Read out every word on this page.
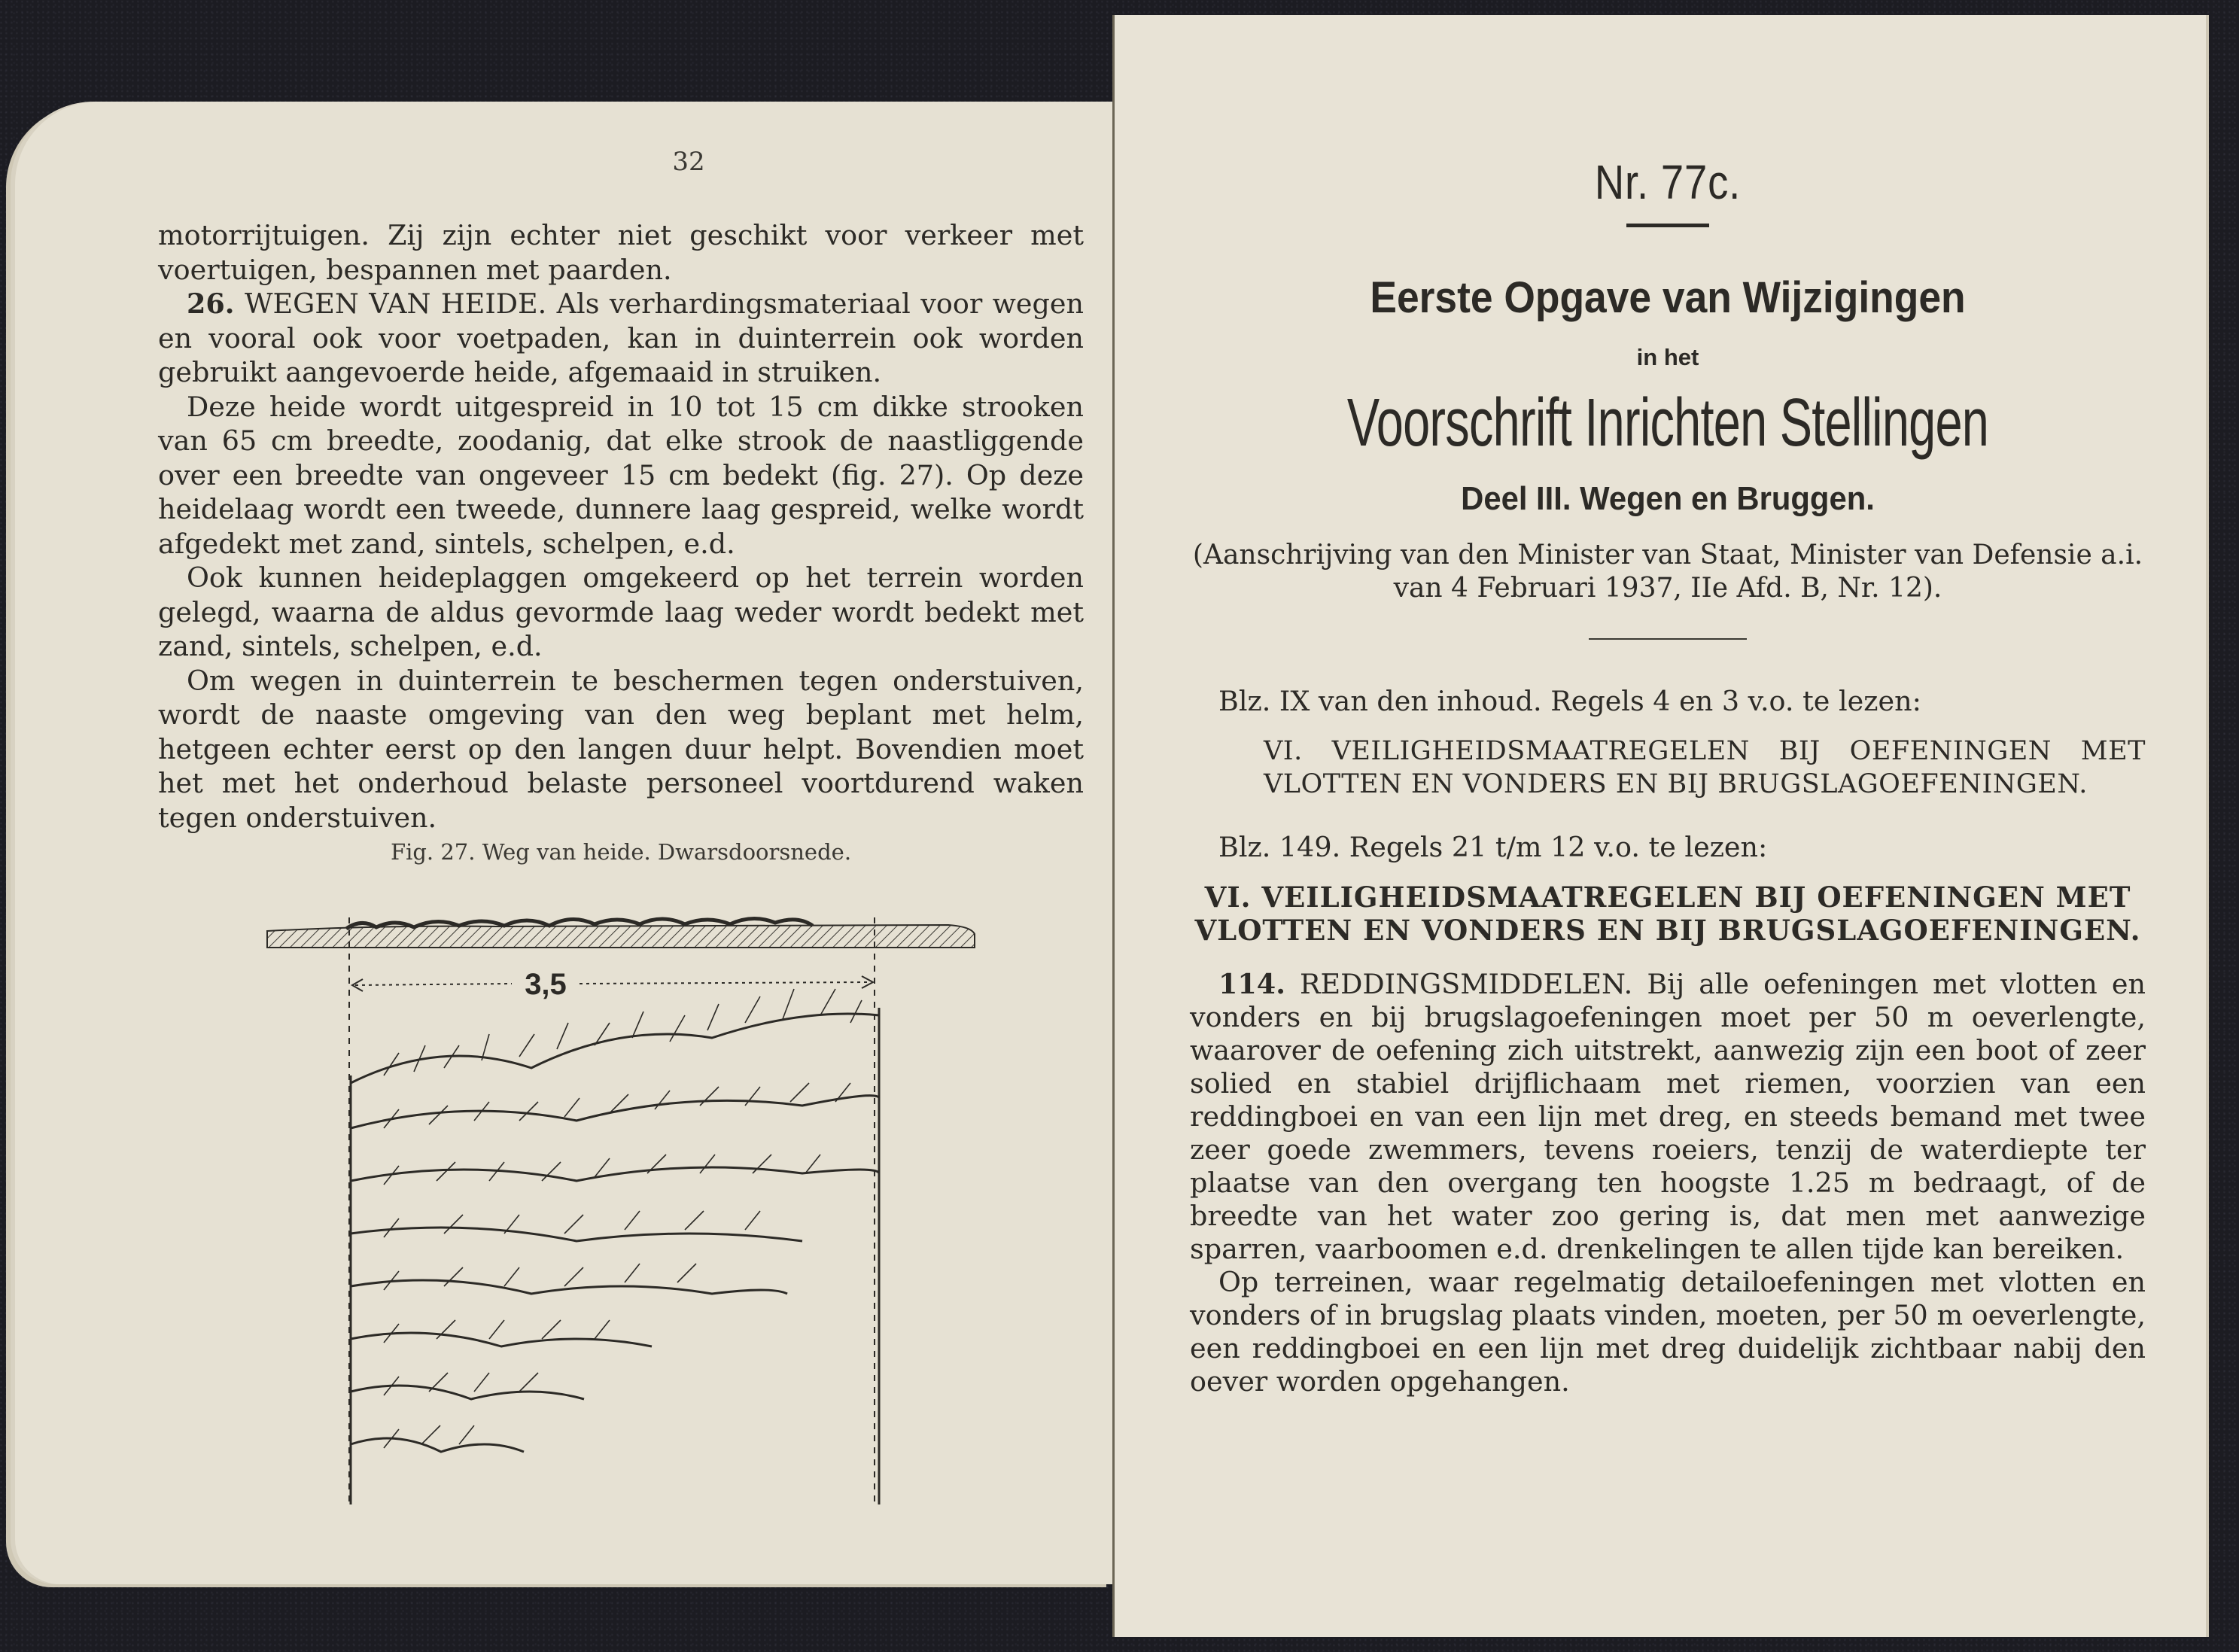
32
motorrijtuigen. Zij zijn echter niet geschikt voor verkeer met voertuigen, bespannen met paarden.
26. WEGEN VAN HEIDE. Als verhardingsmateriaal voor wegen en vooral ook voor voetpaden, kan in duinterrein ook worden gebruikt aangevoerde heide, afgemaaid in struiken.
Deze heide wordt uitgespreid in 10 tot 15 cm dikke strooken van 65 cm breedte, zoodanig, dat elke strook de naastliggende over een breedte van ongeveer 15 cm bedekt (fig. 27). Op deze heidelaag wordt een tweede, dunnere laag gespreid, welke wordt afgedekt met zand, sintels, schelpen, e.d.
Ook kunnen heideplaggen omgekeerd op het terrein worden gelegd, waarna de aldus gevormde laag weder wordt bedekt met zand, sintels, schelpen, e.d.
Om wegen in duinterrein te beschermen tegen onderstuiven, wordt de naaste omgeving van den weg beplant met helm, hetgeen echter eerst op den langen duur helpt. Bovendien moet het met het onderhoud belaste personeel voortdurend waken tegen onderstuiven.
Fig. 27. Weg van heide. Dwarsdoorsnede.
3,5
Nr. 77c.
Eerste Opgave van Wijzigingen
in het
Voorschrift Inrichten Stellingen
Deel III. Wegen en Bruggen.
(Aanschrijving van den Minister van Staat, Minister van Defensie a.i. van 4 Februari 1937, IIe Afd. B, Nr. 12).

Blz. IX van den inhoud. Regels 4 en 3 v.o. te lezen:

VI. VEILIGHEIDSMAATREGELEN BIJ OEFENINGEN MET VLOTTEN EN VONDERS EN BIJ BRUGSLAGOEFENINGEN.

Blz. 149. Regels 21 t/m 12 v.o. te lezen:

VI. VEILIGHEIDSMAATREGELEN BIJ OEFENINGEN MET VLOTTEN EN VONDERS EN BIJ BRUGSLAGOEFENINGEN.

114. REDDINGSMIDDELEN. Bij alle oefeningen met vlotten en vonders en bij brugslagoefeningen moet per 50 m oeverlengte, waarover de oefening zich uitstrekt, aanwezig zijn een boot of zeer solied en stabiel drijflichaam met riemen, voorzien van een reddingboei en van een lijn met dreg, en steeds bemand met twee zeer goede zwemmers, tevens roeiers, tenzij de waterdiepte ter plaatse van den overgang ten hoogste 1.25 m bedraagt, of de breedte van het water zoo gering is, dat men met aanwezige sparren, vaarboomen e.d. drenkelingen te allen tijde kan bereiken.

Op terreinen, waar regelmatig detailoefeningen met vlotten en vonders of in brugslag plaats vinden, moeten, per 50 m oeverlengte, een reddingboei en een lijn met dreg duidelijk zichtbaar nabij den oever worden opgehangen.
